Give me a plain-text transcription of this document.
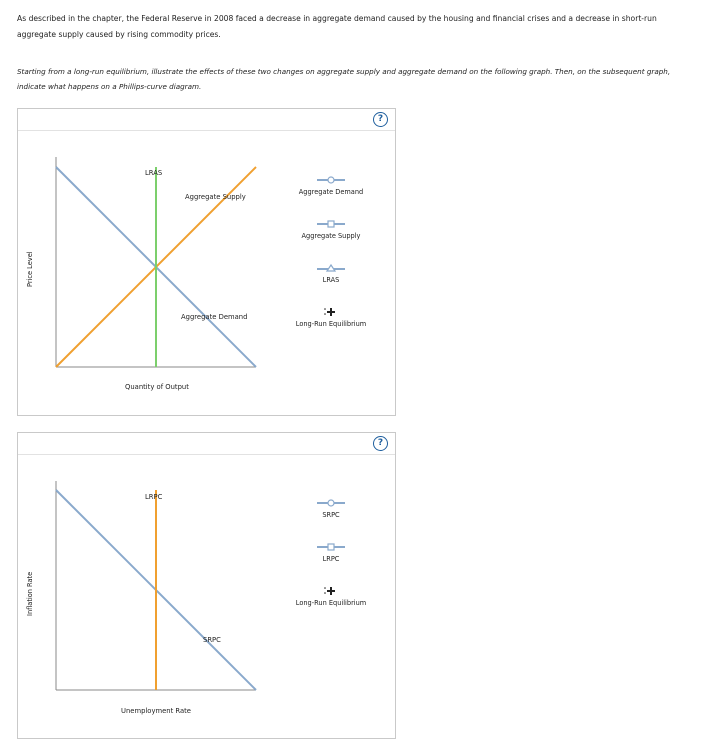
As described in the chapter, the Federal Reserve in 2008 faced a decrease in aggregate demand caused by the housing and financial crises and a decrease in short-run aggregate supply caused by rising commodity prices.
Starting from a long-run equilibrium, illustrate the effects of these two changes on aggregate supply and aggregate demand on the following graph. Then, on the subsequent graph, indicate what happens on a Phillips-curve diagram.
?
Price Level
LRAS
Aggregate Supply
Aggregate Demand
Quantity of Output
Aggregate Demand
Aggregate Supply
LRAS
Long-Run Equilibrium
?
Inflation Rate
LRPC
SRPC
Unemployment Rate
SRPC
LRPC
Long-Run Equilibrium
